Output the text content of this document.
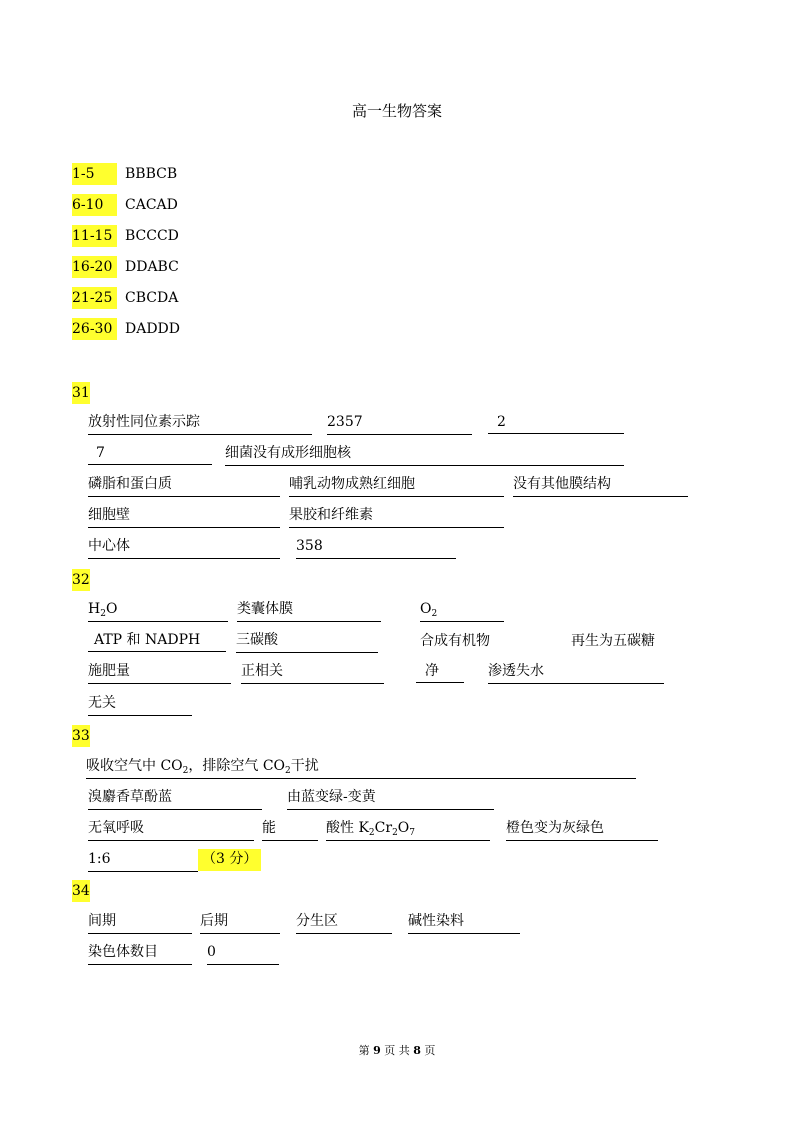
高一生物答案
1-5	BBBCB
6-10	CACAD
11-15 BCCCD
16-20 DDABC
21-25 CBCDA
26-30 DADDD
31
放射性同位素示踪	2357	2
7	细菌没有成形细胞核
磷脂和蛋白质	哺乳动物成熟红细胞	没有其他膜结构
细胞壁	果胶和纤维素
中心体	358
32
$H_2O$	类囊体膜	$O_2$
ATP 和 NADPH	三碳酸	合成有机物	再生为五碳糖
施肥量	正相关	净	渗透失水
无关
33
吸收空气中 $CO_2$，排除空气 $CO_2$干扰
溴麝香草酚蓝	由蓝变绿-变黄
无氧呼吸	能	酸性 $K_2Cr_2O_7$	橙色变为灰绿色
1:6	（3 分）
34
间期	后期	分生区	碱性染料
染色体数目	0
第 9 页 共 8 页
